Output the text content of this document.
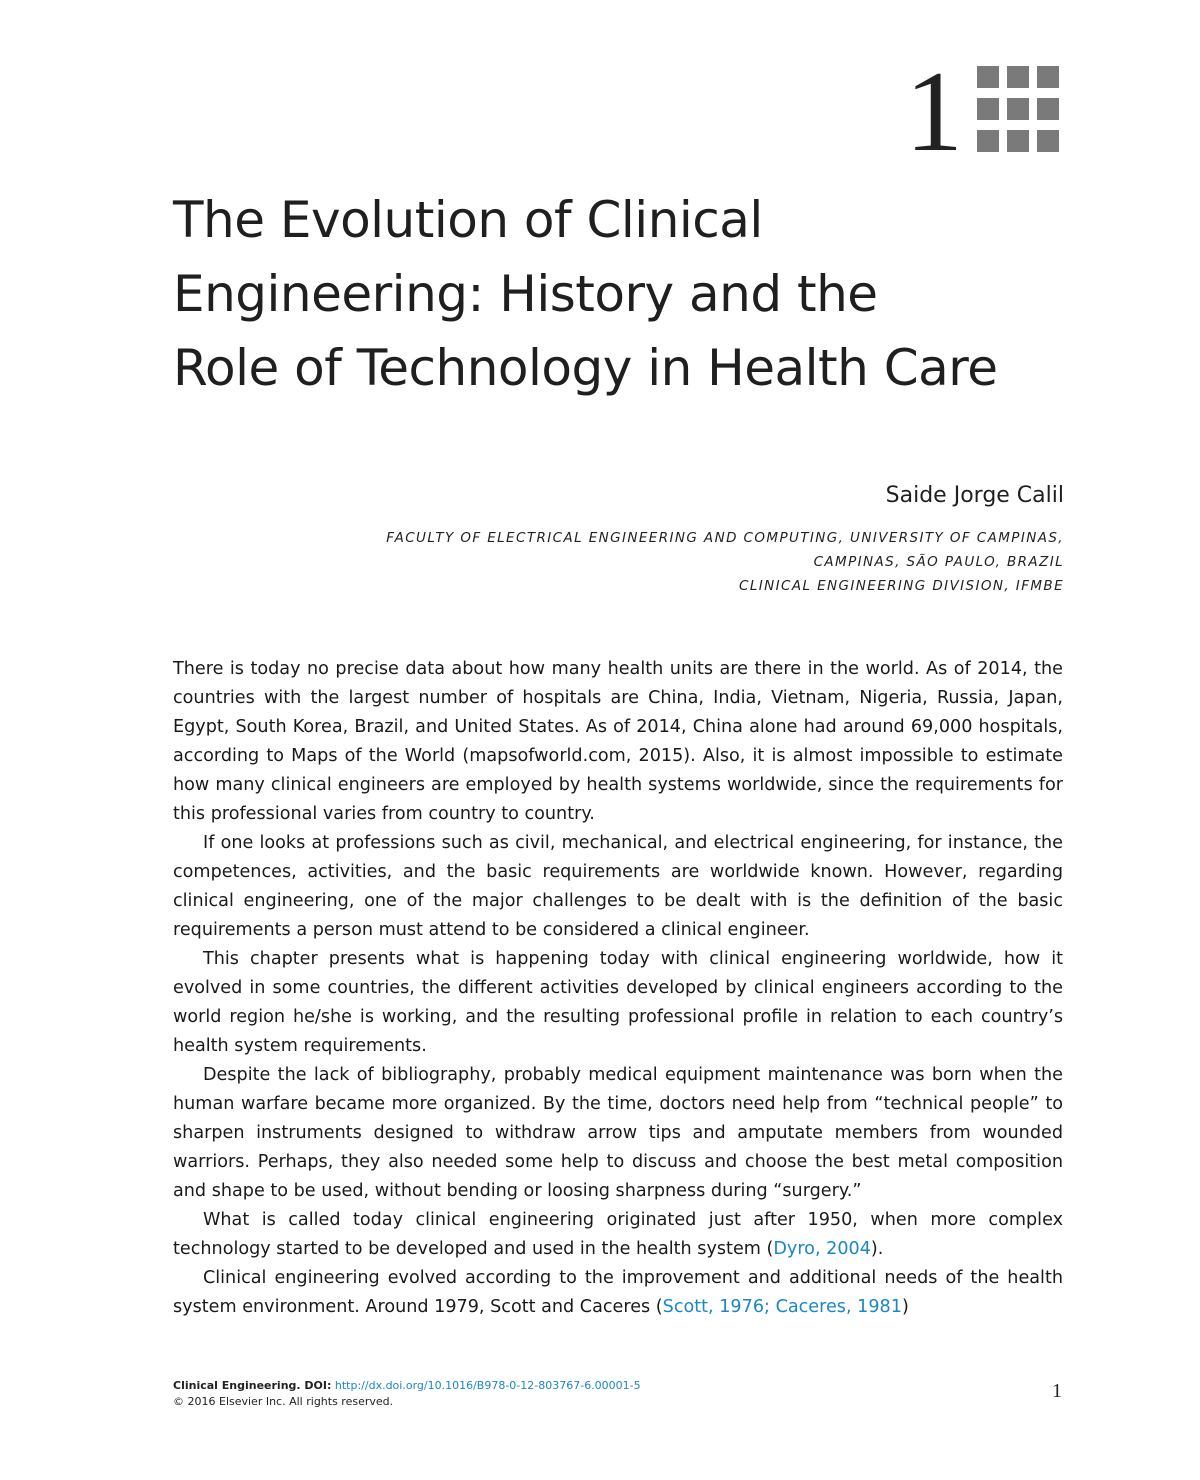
1
The Evolution of Clinical
Engineering: History and the
Role of Technology in Health Care
Saide Jorge Calil
FACULTY OF ELECTRICAL ENGINEERING AND COMPUTING, UNIVERSITY OF CAMPINAS,
CAMPINAS, SÃO PAULO, BRAZIL
CLINICAL ENGINEERING DIVISION, IFMBE

There is today no precise data about how many health units are there in the world. As of 2014, the countries with the largest number of hospitals are China, India, Vietnam, Nigeria, Russia, Japan, Egypt, South Korea, Brazil, and United States. As of 2014, China alone had around 69,000 hospitals, according to Maps of the World (mapsofworld.com, 2015). Also, it is almost impossible to estimate how many clinical engineers are employed by health systems worldwide, since the requirements for this professional varies from country to country.

If one looks at professions such as civil, mechanical, and electrical engineering, for instance, the competences, activities, and the basic requirements are worldwide known. However, regarding clinical engineering, one of the major challenges to be dealt with is the definition of the basic requirements a person must attend to be considered a clinical engineer.

This chapter presents what is happening today with clinical engineering worldwide, how it evolved in some countries, the different activities developed by clinical engineers according to the world region he/she is working, and the resulting professional profile in relation to each country’s health system requirements.

Despite the lack of bibliography, probably medical equipment maintenance was born when the human warfare became more organized. By the time, doctors need help from “technical people” to sharpen instruments designed to withdraw arrow tips and amputate members from wounded warriors. Perhaps, they also needed some help to discuss and choose the best metal composition and shape to be used, without bending or loosing sharpness during “surgery.”

What is called today clinical engineering originated just after 1950, when more complex technology started to be developed and used in the health system (Dyro, 2004).

Clinical engineering evolved according to the improvement and additional needs of the health system environment. Around 1979, Scott and Caceres (Scott, 1976; Caceres, 1981)

Clinical Engineering. DOI: http://dx.doi.org/10.1016/B978-0-12-803767-6.00001-5
© 2016 Elsevier Inc. All rights reserved.	1
